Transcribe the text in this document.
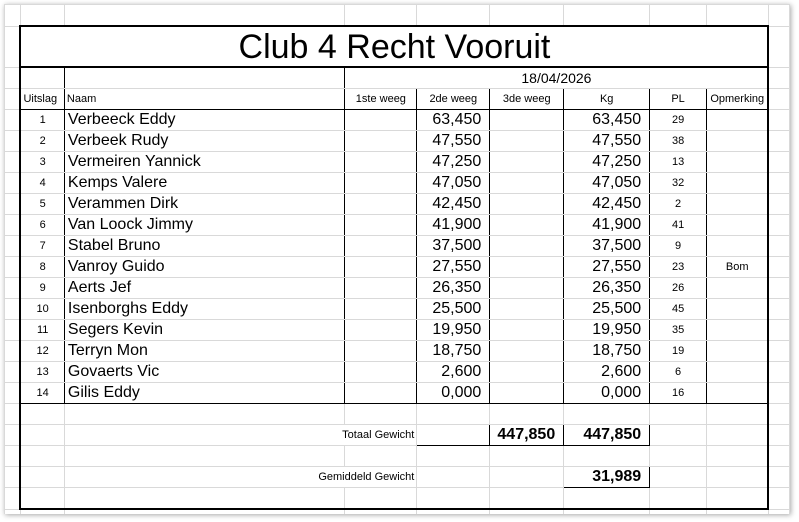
	Club 4 Recht Vooruit								
			18/04/2026						
	Uitslag	Naam	1ste weeg	2de weeg	3de weeg	Kg	PL	Opmerking	
	1	Verbeeck Eddy		63,450		63,450	29		
	2	Verbeek Rudy		47,550		47,550	38		
	3	Vermeiren Yannick		47,250		47,250	13		
	4	Kemps Valere		47,050		47,050	32		
	5	Verammen Dirk		42,450		42,450	2		
	6	Van Loock Jimmy		41,900		41,900	41		
	7	Stabel Bruno		37,500		37,500	9		
	8	Vanroy Guido		27,550		27,550	23	Bom	
	9	Aerts Jef		26,350		26,350	26		
	10	Isenborghs Eddy		25,500		25,500	45		
	11	Segers Kevin		19,950		19,950	35		
	12	Terryn Mon		18,750		18,750	19		
	13	Govaerts Vic		2,600		2,600	6		
	14	Gilis Eddy		0,000		0,000	16		

		Totaal Gewicht			447,850	447,850			

		Gemiddeld Gewicht				31,989			
